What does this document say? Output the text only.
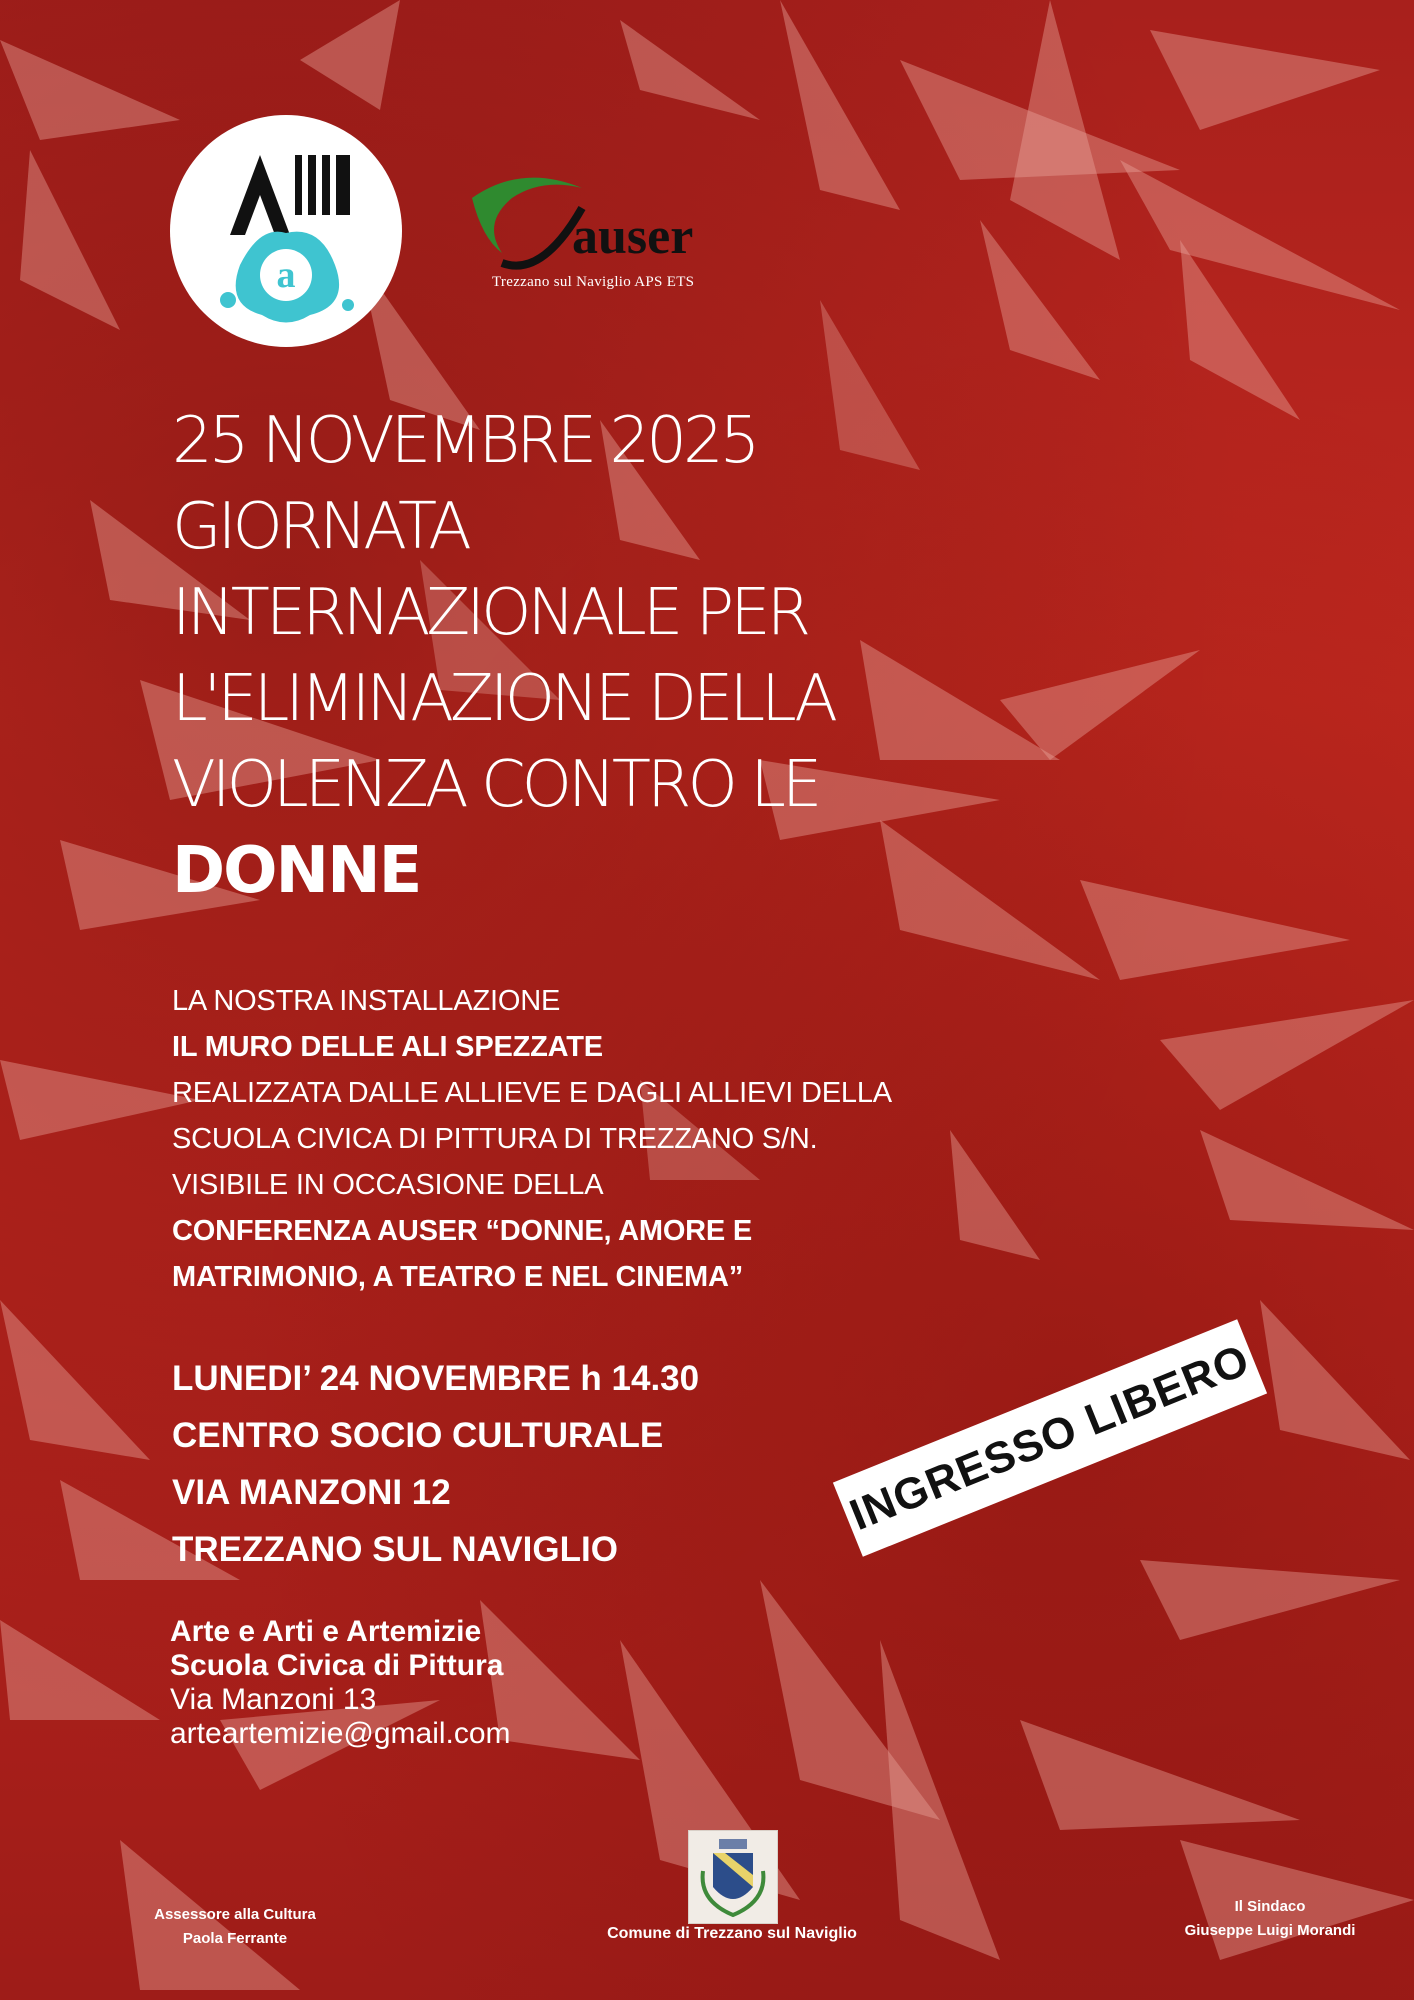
a
auser
Trezzano sul Naviglio APS ETS
25 NOVEMBRE 2025
GIORNATA
INTERNAZIONALE PER
L'ELIMINAZIONE DELLA
VIOLENZA CONTRO LE
DONNE
LA NOSTRA INSTALLAZIONE
IL MURO DELLE ALI SPEZZATE
REALIZZATA DALLE ALLIEVE E DAGLI ALLIEVI DELLA
SCUOLA CIVICA DI PITTURA DI TREZZANO S/N.
VISIBILE IN OCCASIONE DELLA
CONFERENZA AUSER “DONNE, AMORE E
MATRIMONIO, A TEATRO E NEL CINEMA”
LUNEDI’ 24 NOVEMBRE h 14.30
CENTRO SOCIO CULTURALE
VIA MANZONI 12
TREZZANO SUL NAVIGLIO
INGRESSO LIBERO
Arte e Arti e Artemizie
Scuola Civica di Pittura
Via Manzoni 13
arteartemizie@gmail.com
Assessore alla Cultura
Paola Ferrante	Comune di Trezzano sul Naviglio
Il Sindaco
Giuseppe Luigi Morandi
